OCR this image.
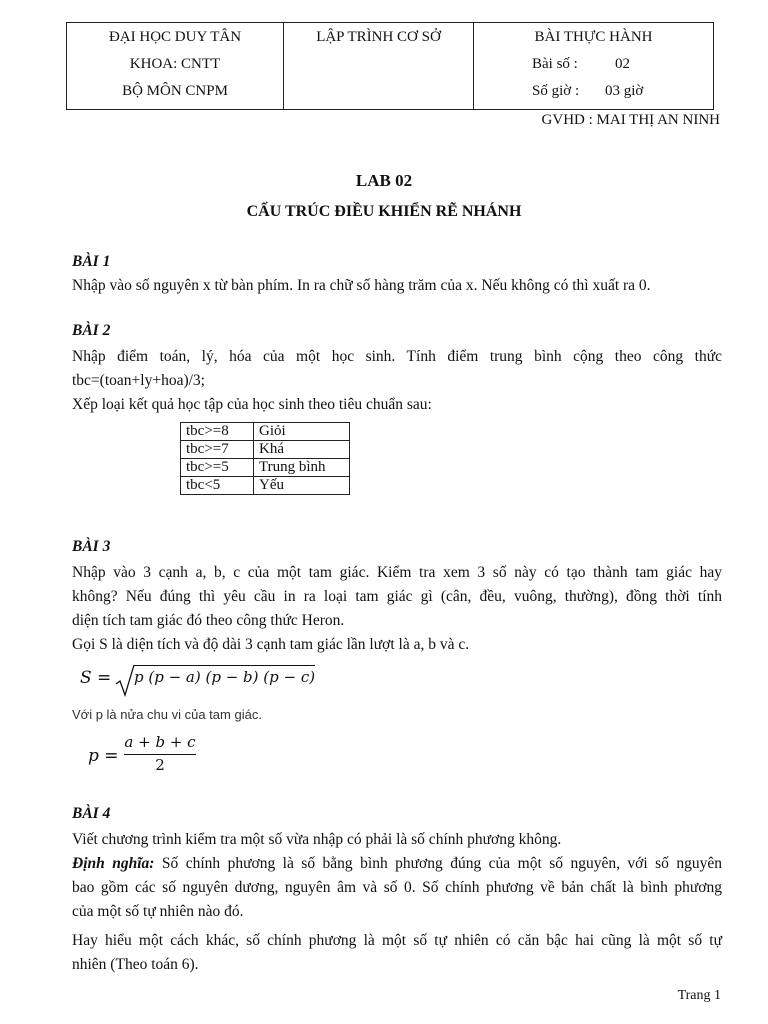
ĐẠI HỌC DUY TÂN
KHOA: CNTT
BỘ MÔN CNPM
LẬP TRÌNH CƠ SỞ	BÀI THỰC HÀNH
Bài số : 02
Số giờ : 03 giờ
GVHD : MAI THỊ AN NINH
LAB 02
CẤU TRÚC ĐIỀU KHIỂN RẼ NHÁNH
BÀI 1
Nhập vào số nguyên x từ bàn phím. In ra chữ số hàng trăm của x. Nếu không có thì xuất ra 0.
BÀI 2
Nhập điểm toán, lý, hóa của một học sinh. Tính điểm trung bình cộng theo công thức
tbc=(toan+ly+hoa)/3;
Xếp loại kết quả học tập của học sinh theo tiêu chuẩn sau:
tbc>=8	Giỏi
tbc>=7	Khá
tbc>=5	Trung bình
tbc<5	Yếu
BÀI 3
Nhập vào 3 cạnh a, b, c của một tam giác. Kiểm tra xem 3 số này có tạo thành tam giác hay
không? Nếu đúng thì yêu cầu in ra loại tam giác gì (cân, đều, vuông, thường), đồng thời tính
diện tích tam giác đó theo công thức Heron.
Gọi S là diện tích và độ dài 3 cạnh tam giác lần lượt là a, b và c.
S = p (p − a) (p − b) (p − c)
Với p là nửa chu vi của tam giác.
p =
a + b + c
2
BÀI 4
Viết chương trình kiểm tra một số vừa nhập có phải là số chính phương không.
Định nghĩa: Số chính phương là số bằng bình phương đúng của một số nguyên, với số nguyên
bao gồm các số nguyên dương, nguyên âm và số 0. Số chính phương về bản chất là bình phương
của một số tự nhiên nào đó.
Hay hiểu một cách khác, số chính phương là một số tự nhiên có căn bậc hai cũng là một số tự
nhiên (Theo toán 6).
Trang 1
